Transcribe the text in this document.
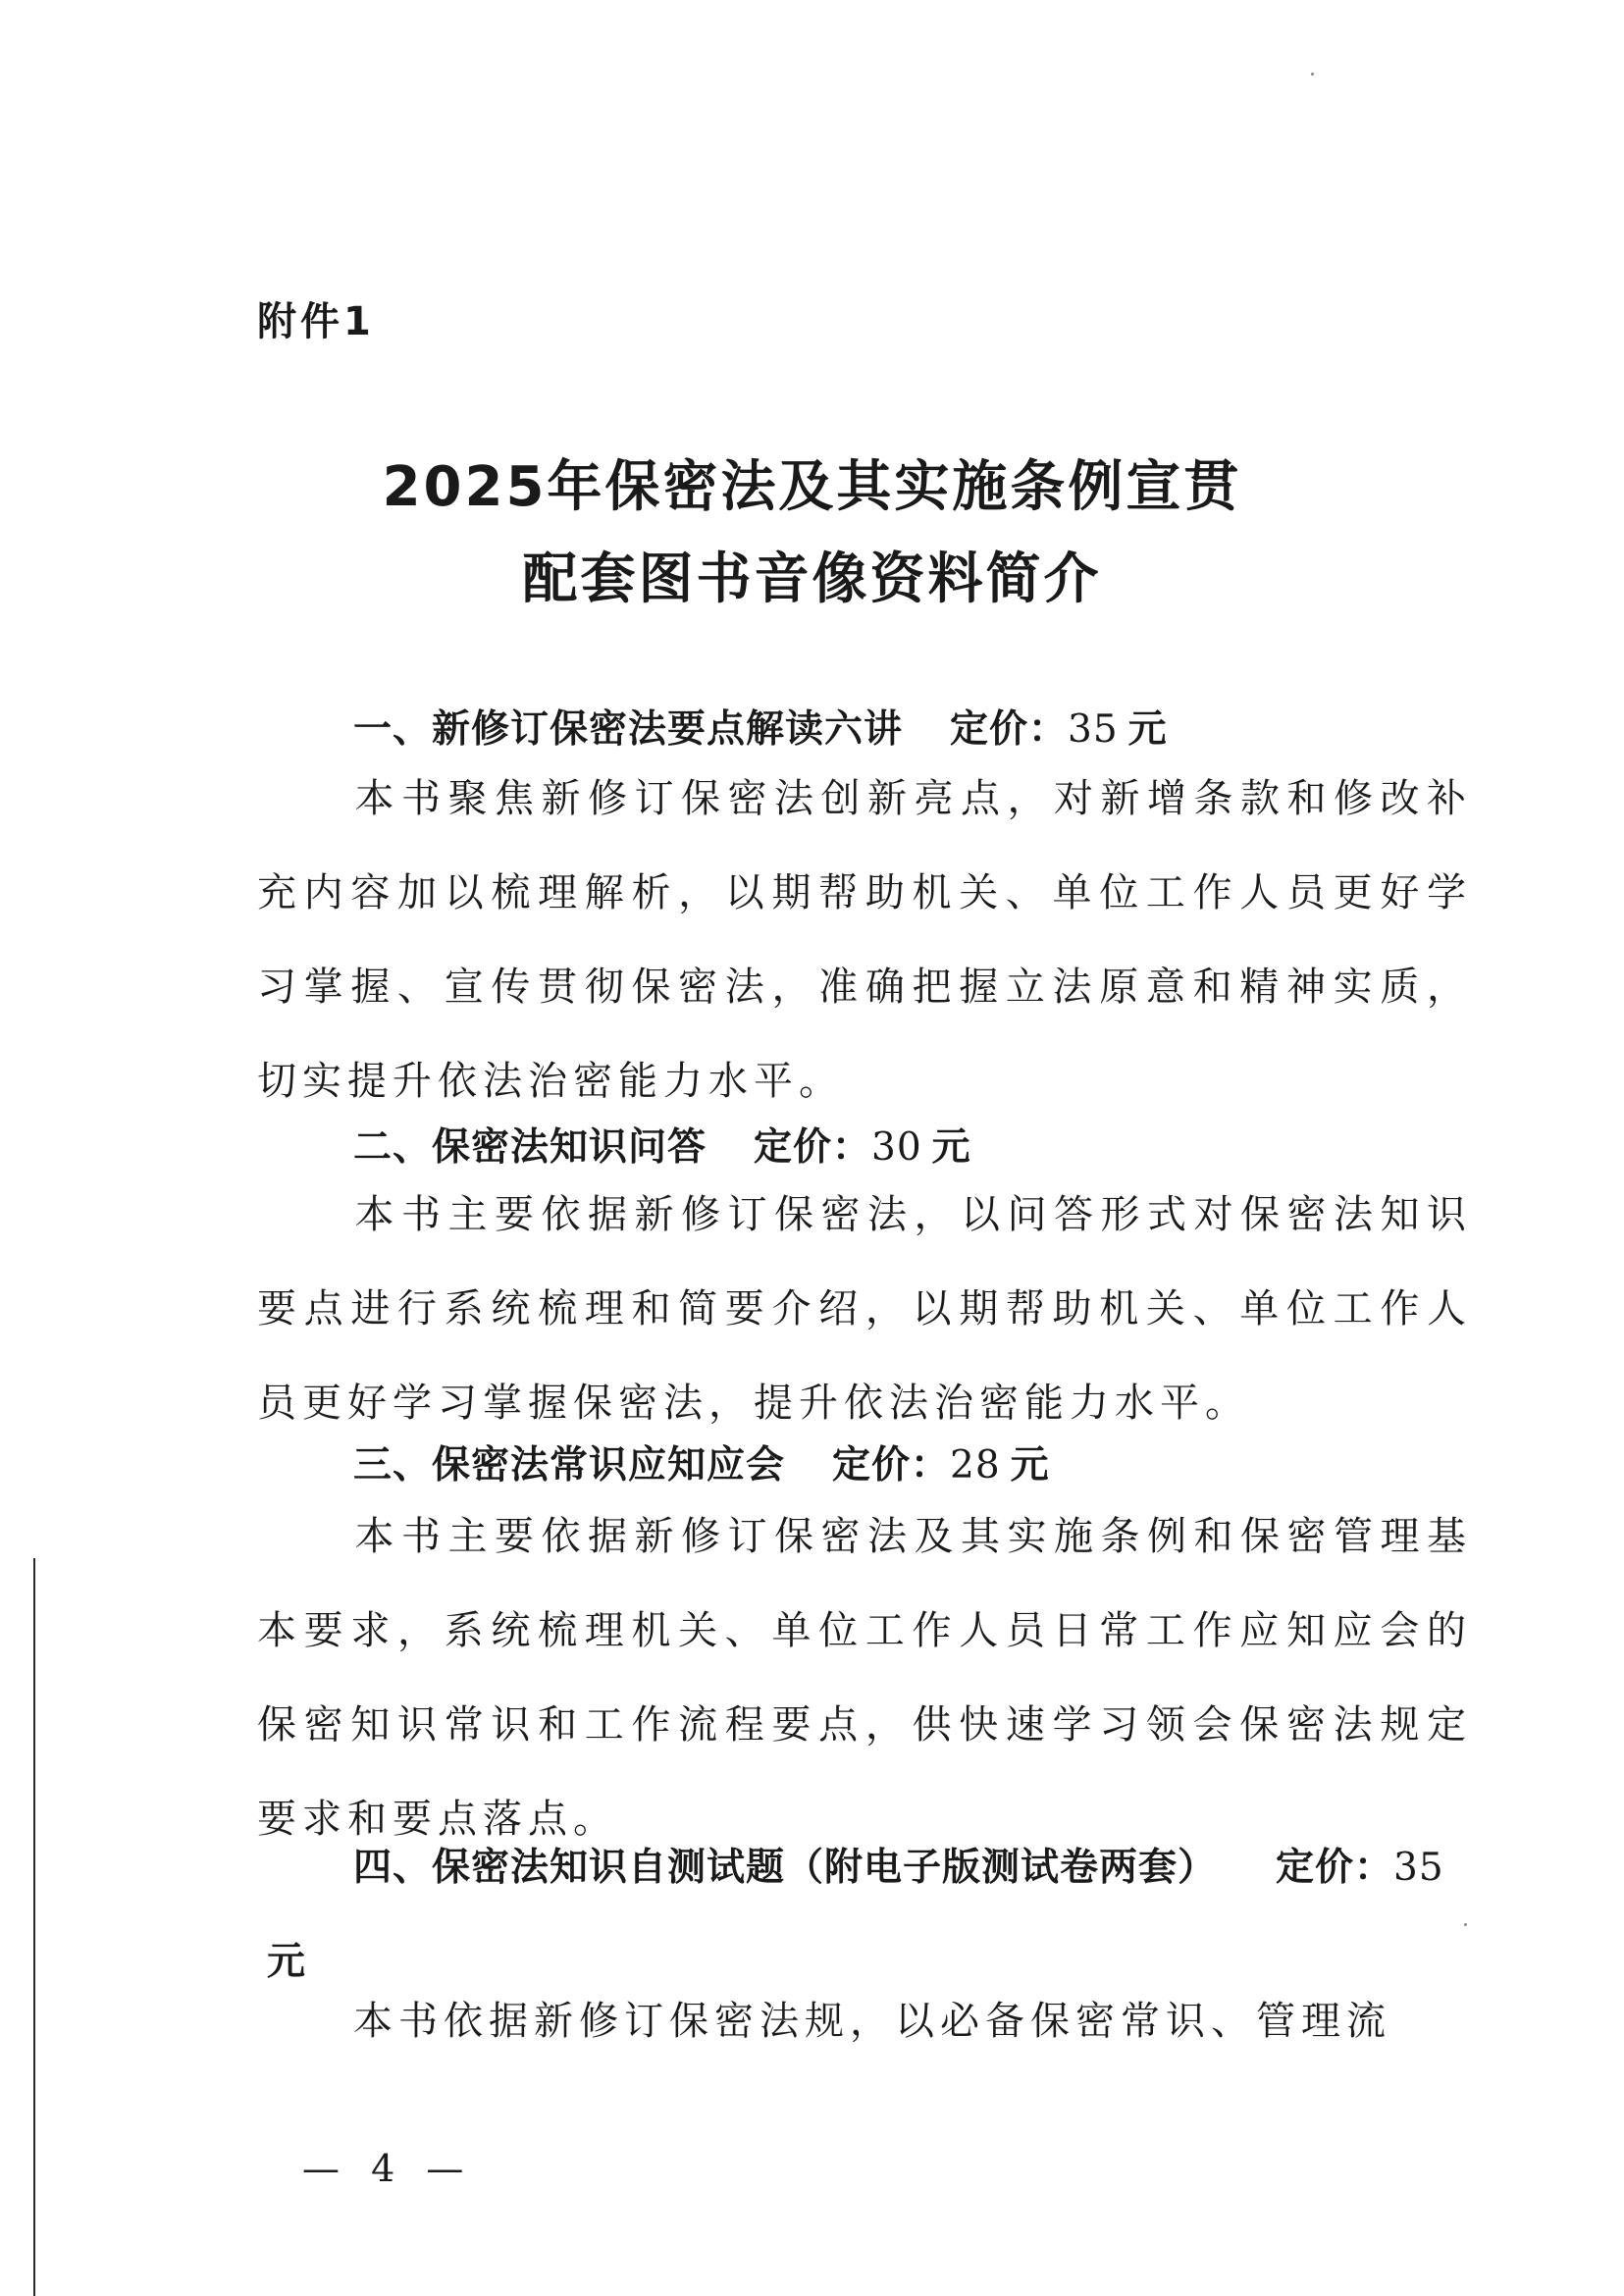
附件1
2025年保密法及其实施条例宣贯
配套图书音像资料简介
一、新修订保密法要点解读六讲 定价：35 元
本书聚焦新修订保密法创新亮点，对新增条款和修改补充内容加以梳理解析，以期帮助机关、单位工作人员更好学习掌握、宣传贯彻保密法，准确把握立法原意和精神实质，切实提升依法治密能力水平。
二、保密法知识问答 定价：30 元
本书主要依据新修订保密法，以问答形式对保密法知识要点进行系统梳理和简要介绍，以期帮助机关、单位工作人员更好学习掌握保密法，提升依法治密能力水平。
三、保密法常识应知应会 定价：28 元
本书主要依据新修订保密法及其实施条例和保密管理基本要求，系统梳理机关、单位工作人员日常工作应知应会的保密知识常识和工作流程要点，供快速学习领会保密法规定要求和要点落点。
四、保密法知识自测试题（附电子版测试卷两套） 定价：35元
本书依据新修订保密法规，以必备保密常识、管理流
— 4 —
